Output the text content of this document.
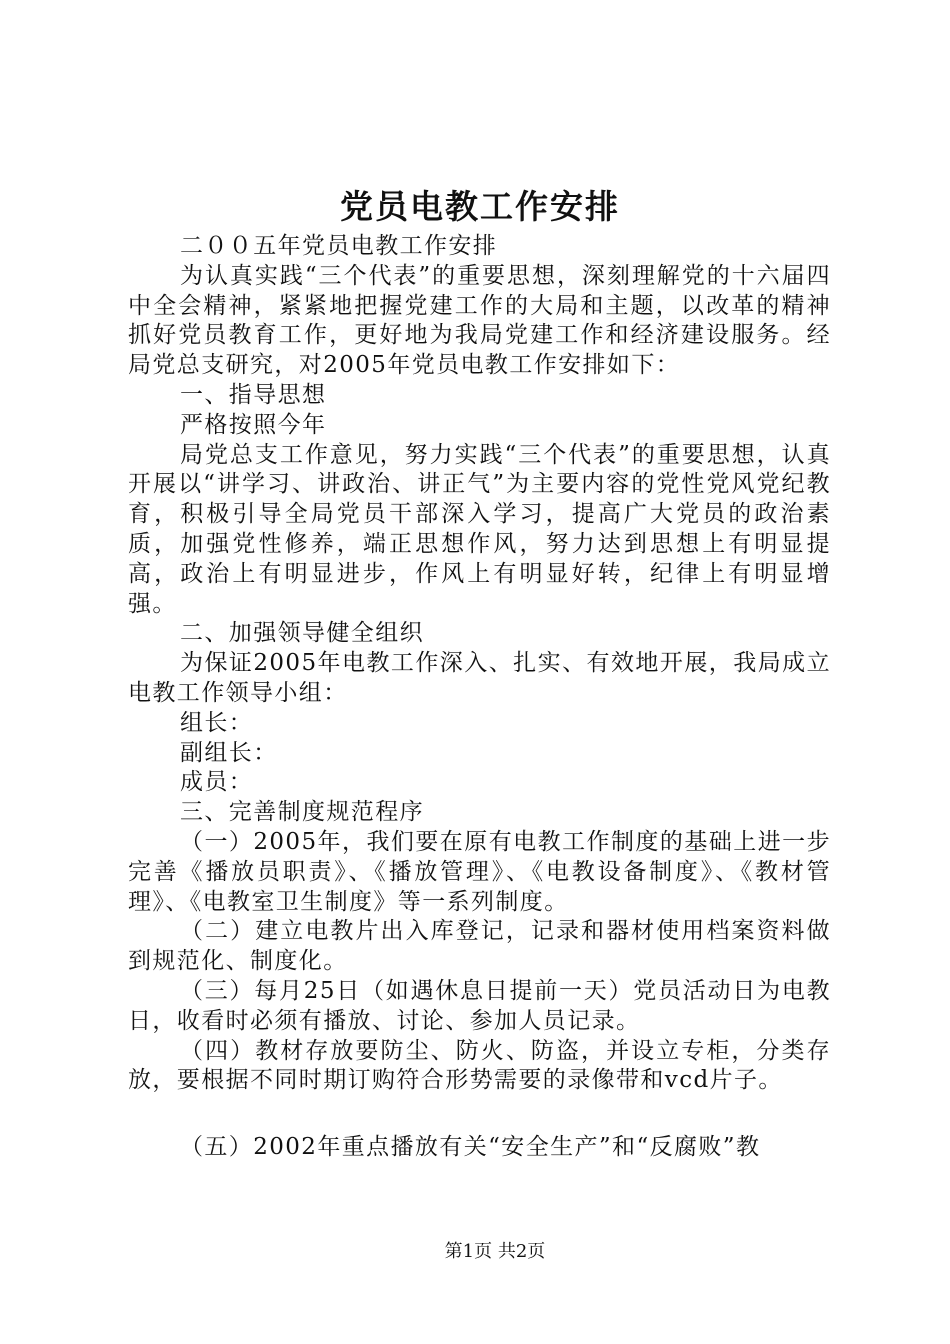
党员电教工作安排

二００五年党员电教工作安排

为认真实践“三个代表”的重要思想，深刻理解党的十六届四中全会精神，紧紧地把握党建工作的大局和主题，以改革的精神抓好党员教育工作，更好地为我局党建工作和经济建设服务。经局党总支研究，对2005年党员电教工作安排如下：

一、指导思想

严格按照今年

局党总支工作意见，努力实践“三个代表”的重要思想，认真开展以“讲学习、讲政治、讲正气”为主要内容的党性党风党纪教育，积极引导全局党员干部深入学习，提高广大党员的政治素质，加强党性修养，端正思想作风，努力达到思想上有明显提高，政治上有明显进步，作风上有明显好转，纪律上有明显增强。

二、加强领导健全组织

为保证2005年电教工作深入、扎实、有效地开展，我局成立电教工作领导小组：

组长：

副组长：

成员：

三、完善制度规范程序

（一）2005年，我们要在原有电教工作制度的基础上进一步完善《播放员职责》、《播放管理》、《电教设备制度》、《教材管理》、《电教室卫生制度》等一系列制度。

（二）建立电教片出入库登记，记录和器材使用档案资料做到规范化、制度化。

（三）每月25日（如遇休息日提前一天）党员活动日为电教日，收看时必须有播放、讨论、参加人员记录。

（四）教材存放要防尘、防火、防盗，并设立专柜，分类存放，要根据不同时期订购符合形势需要的录像带和vcd片子。

（五）2002年重点播放有关“安全生产”和“反腐败”教

第1页 共2页
